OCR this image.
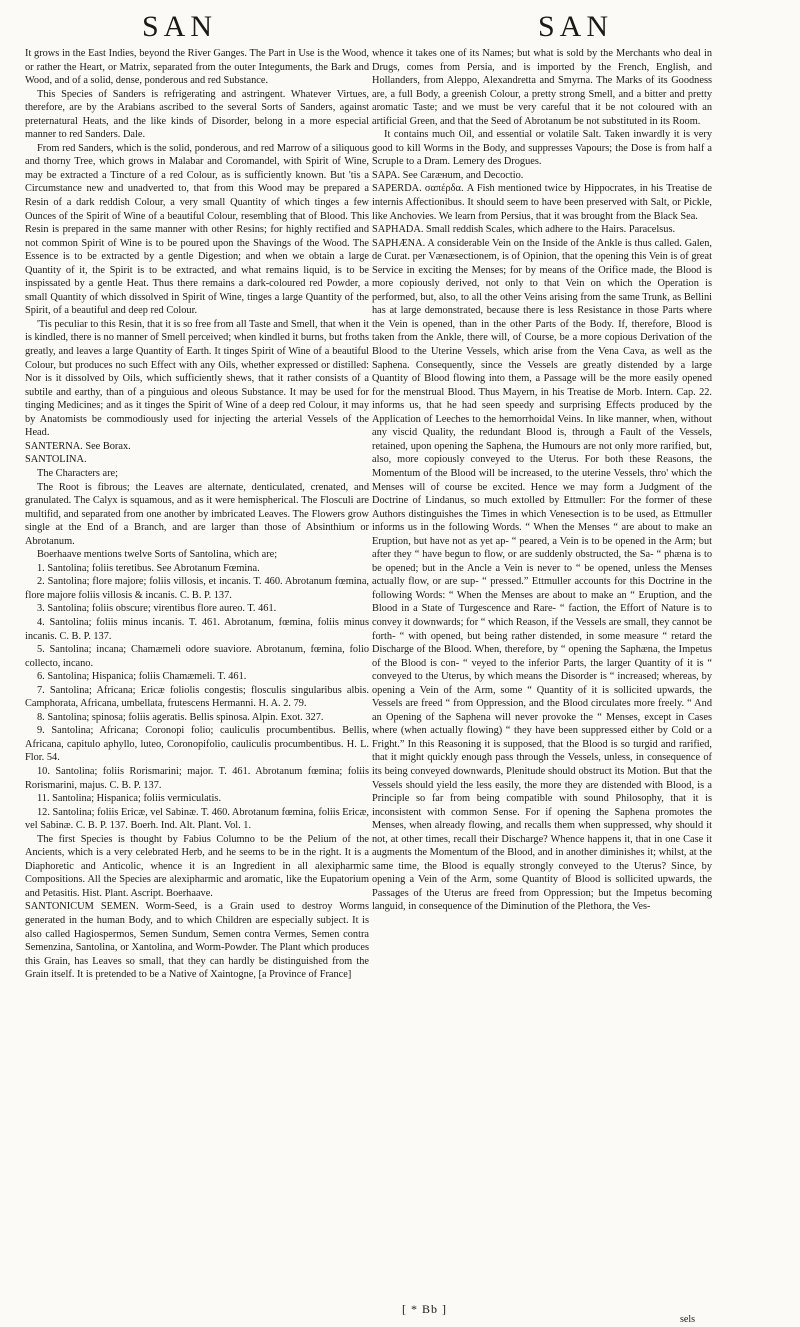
SAN	SAN

It grows in the East Indies, beyond the River Ganges. The Part in Use is the Wood, or rather the Heart, or Matrix, separated from the outer Integuments, the Bark and Wood, and of a solid, dense, ponderous and red Substance.

This Species of Sanders is refrigerating and astringent. Whatever Virtues, therefore, are by the Arabians ascribed to the several Sorts of Sanders, against preternatural Heats, and the like kinds of Disorder, belong in a more especial manner to red Sanders. Dale.

From red Sanders, which is the solid, ponderous, and red Marrow of a siliquous and thorny Tree, which grows in Malabar and Coromandel, with Spirit of Wine, may be extracted a Tincture of a red Colour, as is sufficiently known. But 'tis a Circumstance new and unadverted to, that from this Wood may be prepared a Resin of a dark reddish Colour, a very small Quantity of which tinges a few Ounces of the Spirit of Wine of a beautiful Colour, resembling that of Blood. This Resin is prepared in the same manner with other Resins; for highly rectified and not common Spirit of Wine is to be poured upon the Shavings of the Wood. The Essence is to be extracted by a gentle Digestion; and when we obtain a large Quantity of it, the Spirit is to be extracted, and what remains liquid, is to be inspissated by a gentle Heat. Thus there remains a dark-coloured red Powder, a small Quantity of which dissolved in Spirit of Wine, tinges a large Quantity of the Spirit, of a beautiful and deep red Colour.

'Tis peculiar to this Resin, that it is so free from all Taste and Smell, that when it is kindled, there is no manner of Smell perceived; when kindled it burns, but froths greatly, and leaves a large Quantity of Earth. It tinges Spirit of Wine of a beautiful Colour, but produces no such Effect with any Oils, whether expressed or distilled: Nor is it dissolved by Oils, which sufficiently shews, that it rather consists of a subtile and earthy, than of a pinguious and oleous Substance. It may be used for tinging Medicines; and as it tinges the Spirit of Wine of a deep red Colour, it may by Anatomists be commodiously used for injecting the arterial Vessels of the Head.

SANTERNA. See Borax.

SANTOLINA.

The Characters are;

The Root is fibrous; the Leaves are alternate, denticulated, crenated, and granulated. The Calyx is squamous, and as it were hemispherical. The Flosculi are multifid, and separated from one another by imbricated Leaves. The Flowers grow single at the End of a Branch, and are larger than those of Absinthium or Abrotanum.

Boerhaave mentions twelve Sorts of Santolina, which are;

1. Santolina; foliis teretibus. See Abrotanum Fœmina.

2. Santolina; flore majore; foliis villosis, et incanis. T. 460. Abrotanum fœmina, flore majore foliis villosis & incanis. C. B. P. 137.

3. Santolina; foliis obscure; virentibus flore aureo. T. 461.

4. Santolina; foliis minus incanis. T. 461. Abrotanum, fœmina, foliis minus incanis. C. B. P. 137.

5. Santolina; incana; Chamæmeli odore suaviore. Abrotanum, fœmina, folio collecto, incano.

6. Santolina; Hispanica; foliis Chamæmeli. T. 461.

7. Santolina; Africana; Ericæ foliolis congestis; flosculis singularibus albis. Camphorata, Africana, umbellata, frutescens Hermanni. H. A. 2. 79.

8. Santolina; spinosa; foliis ageratis. Bellis spinosa. Alpin. Exot. 327.

9. Santolina; Africana; Coronopi folio; cauliculis procumbentibus. Bellis, Africana, capitulo aphyllo, luteo, Coronopifolio, cauliculis procumbentibus. H. L. Flor. 54.

10. Santolina; foliis Rorismarini; major. T. 461. Abrotanum fœmina; foliis Rorismarini, majus. C. B. P. 137.

11. Santolina; Hispanica; foliis vermiculatis.

12. Santolina; foliis Ericæ, vel Sabinæ. T. 460. Abrotanum fœmina, foliis Ericæ, vel Sabinæ. C. B. P. 137. Boerh. Ind. Alt. Plant. Vol. 1.

The first Species is thought by Fabius Columno to be the Pelium of the Ancients, which is a very celebrated Herb, and he seems to be in the right. It is a Diaphoretic and Anticolic, whence it is an Ingredient in all alexipharmic Compositions. All the Species are alexipharmic and aromatic, like the Eupatorium and Petasitis. Hist. Plant. Ascript. Boerhaave.

SANTONICUM SEMEN. Worm-Seed, is a Grain used to destroy Worms generated in the human Body, and to which Children are especially subject. It is also called Hagiospermos, Semen Sundum, Semen contra Vermes, Semen contra Semenzina, Santolina, or Xantolina, and Worm-Powder. The Plant which produces this Grain, has Leaves so small, that they can hardly be distinguished from the Grain itself. It is pretended to be a Native of Xaintogne, [a Province of France]

whence it takes one of its Names; but what is sold by the Merchants who deal in Drugs, comes from Persia, and is imported by the French, English, and Hollanders, from Aleppo, Alexandretta and Smyrna. The Marks of its Goodness are, a full Body, a greenish Colour, a pretty strong Smell, and a bitter and pretty aromatic Taste; and we must be very careful that it be not coloured with an artificial Green, and that the Seed of Abrotanum be not substituted in its Room.

It contains much Oil, and essential or volatile Salt. Taken inwardly it is very good to kill Worms in the Body, and suppresses Vapours; the Dose is from half a Scruple to a Dram. Lemery des Drogues.

SAPA. See Caræнum, and Decoctio.

SAPERDA. σαπέρδα. A Fish mentioned twice by Hippocrates, in his Treatise de internis Affectionibus. It should seem to have been preserved with Salt, or Pickle, like Anchovies. We learn from Persius, that it was brought from the Black Sea.

SAPHADA. Small reddish Scales, which adhere to the Hairs. Paracelsus.

SAPHÆNA. A considerable Vein on the Inside of the Ankle is thus called. Galen, de Curat. per Vænæsectionem, is of Opinion, that the opening this Vein is of great Service in exciting the Menses; for by means of the Orifice made, the Blood is more copiously derived, not only to that Vein on which the Operation is performed, but, also, to all the other Veins arising from the same Trunk, as Bellini has at large demonstrated, because there is less Resistance in those Parts where the Vein is opened, than in the other Parts of the Body. If, therefore, Blood is taken from the Ankle, there will, of Course, be a more copious Derivation of the Blood to the Uterine Vessels, which arise from the Vena Cava, as well as the Saphena. Consequently, since the Vessels are greatly distended by a large Quantity of Blood flowing into them, a Passage will be the more easily opened for the menstrual Blood. Thus Mayern, in his Treatise de Morb. Intern. Cap. 22. informs us, that he had seen speedy and surprising Effects produced by the Application of Leeches to the hemorrhoidal Veins. In like manner, when, without any viscid Quality, the redundant Blood is, through a Fault of the Vessels, retained, upon opening the Saphena, the Humours are not only more rarified, but, also, more copiously conveyed to the Uterus. For both these Reasons, the Momentum of the Blood will be increased, to the uterine Vessels, thro' which the Menses will of course be excited. Hence we may form a Judgment of the Doctrine of Lindanus, so much extolled by Ettmuller: For the former of these Authors distinguishes the Times in which Venesection is to be used, as Ettmuller informs us in the following Words. “ When the Menses “ are about to make an Eruption, but have not as yet ap- “ peared, a Vein is to be opened in the Arm; but after they “ have begun to flow, or are suddenly obstructed, the Sa- “ phæna is to be opened; but in the Ancle a Vein is never to “ be opened, unless the Menses actually flow, or are sup- “ pressed.” Ettmuller accounts for this Doctrine in the following Words: “ When the Menses are about to make an “ Eruption, and the Blood in a State of Turgescence and Rare- “ faction, the Effort of Nature is to convey it downwards; for “ which Reason, if the Vessels are small, they cannot be forth- “ with opened, but being rather distended, in some measure “ retard the Discharge of the Blood. When, therefore, by “ opening the Saphæna, the Impetus of the Blood is con- “ veyed to the inferior Parts, the larger Quantity of it is “ conveyed to the Uterus, by which means the Disorder is “ increased; whereas, by opening a Vein of the Arm, some “ Quantity of it is sollicited upwards, the Vessels are freed “ from Oppression, and the Blood circulates more freely. “ And an Opening of the Saphena will never provoke the “ Menses, except in Cases where (when actually flowing) “ they have been suppressed either by Cold or a Fright.” In this Reasoning it is supposed, that the Blood is so turgid and rarified, that it might quickly enough pass through the Vessels, unless, in consequence of its being conveyed downwards, Plenitude should obstruct its Motion. But that the Vessels should yield the less easily, the more they are distended with Blood, is a Principle so far from being compatible with sound Philosophy, that it is inconsistent with common Sense. For if opening the Saphena promotes the Menses, when already flowing, and recalls them when suppressed, why should it not, at other times, recall their Discharge? Whence happens it, that in one Case it augments the Momentum of the Blood, and in another diminishes it; whilst, at the same time, the Blood is equally strongly conveyed to the Uterus? Since, by opening a Vein of the Arm, some Quantity of Blood is sollicited upwards, the Passages of the Uterus are freed from Oppression; but the Impetus becoming languid, in consequence of the Diminution of the Plethora, the Ves-

[ * Bb ]
sels
